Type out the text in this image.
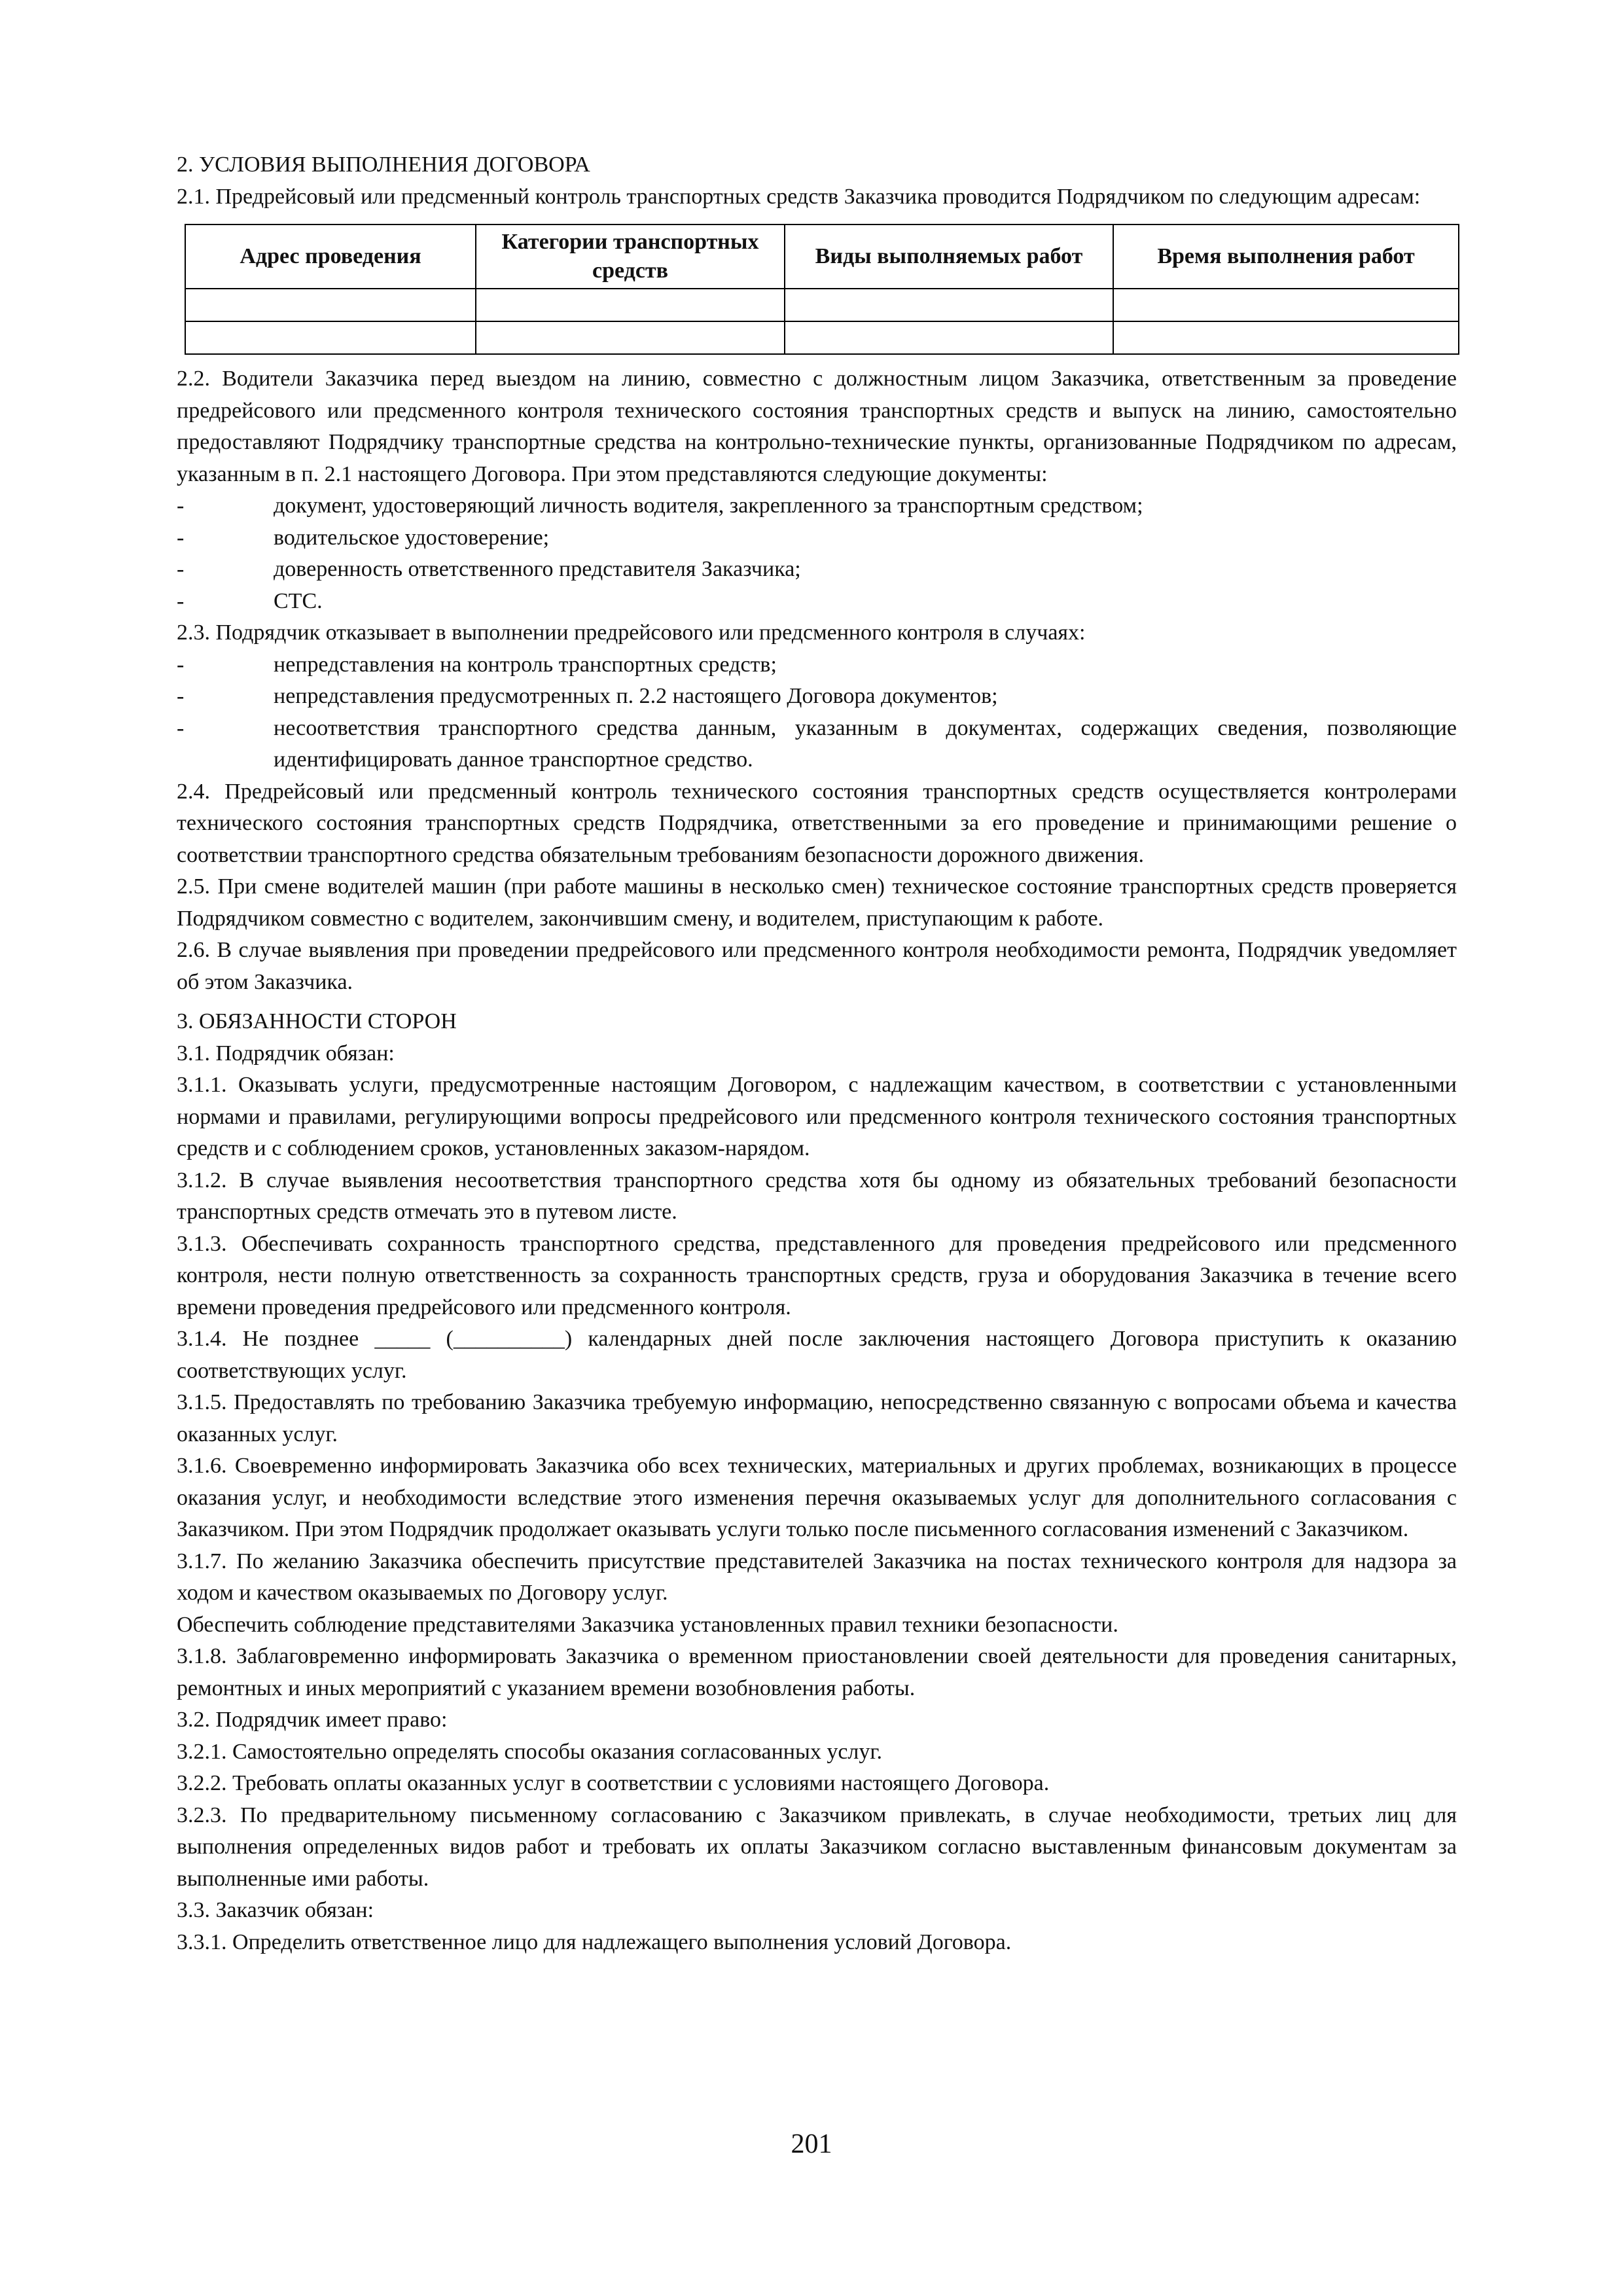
2. УСЛОВИЯ ВЫПОЛНЕНИЯ ДОГОВОРА

2.1. Предрейсовый или предсменный контроль транспортных средств Заказчика проводится Подрядчиком по следующим адресам:

Адрес проведения	Категории транспортных средств	Виды выполняемых работ	Время выполнения работ

2.2. Водители Заказчика перед выездом на линию, совместно с должностным лицом Заказчика, ответственным за проведение предрейсового или предсменного контроля технического состояния транспортных средств и выпуск на линию, самостоятельно предоставляют Подрядчику транспортные средства на контрольно-технические пункты, организованные Подрядчиком по адресам, указанным в п. 2.1 настоящего Договора. При этом представляются следующие документы:

-	документ, удостоверяющий личность водителя, закрепленного за транспортным средством;
-	водительское удостоверение;
-	доверенность ответственного представителя Заказчика;
-	СТС.

2.3. Подрядчик отказывает в выполнении предрейсового или предсменного контроля в случаях:

-	непредставления на контроль транспортных средств;
-	непредставления предусмотренных п. 2.2 настоящего Договора документов;
-	несоответствия транспортного средства данным, указанным в документах, содержащих сведения, позволяющие идентифицировать данное транспортное средство.

2.4. Предрейсовый или предсменный контроль технического состояния транспортных средств осуществляется контролерами технического состояния транспортных средств Подрядчика, ответственными за его проведение и принимающими решение о соответствии транспортного средства обязательным требованиям безопасности дорожного движения.

2.5. При смене водителей машин (при работе машины в несколько смен) техническое состояние транспортных средств проверяется Подрядчиком совместно с водителем, закончившим смену, и водителем, приступающим к работе.

2.6. В случае выявления при проведении предрейсового или предсменного контроля необходимости ремонта, Подрядчик уведомляет об этом Заказчика.

3. ОБЯЗАННОСТИ СТОРОН

3.1. Подрядчик обязан:

3.1.1. Оказывать услуги, предусмотренные настоящим Договором, с надлежащим качеством, в соответствии с установленными нормами и правилами, регулирующими вопросы предрейсового или предсменного контроля технического состояния транспортных средств и с соблюдением сроков, установленных заказом-нарядом.

3.1.2. В случае выявления несоответствия транспортного средства хотя бы одному из обязательных требований безопасности транспортных средств отмечать это в путевом листе.

3.1.3. Обеспечивать сохранность транспортного средства, представленного для проведения предрейсового или предсменного контроля, нести полную ответственность за сохранность транспортных средств, груза и оборудования Заказчика в течение всего времени проведения предрейсового или предсменного контроля.

3.1.4. Не позднее _____ (__________) календарных дней после заключения настоящего Договора приступить к оказанию соответствующих услуг.

3.1.5. Предоставлять по требованию Заказчика требуемую информацию, непосредственно связанную с вопросами объема и качества оказанных услуг.

3.1.6. Своевременно информировать Заказчика обо всех технических, материальных и других проблемах, возникающих в процессе оказания услуг, и необходимости вследствие этого изменения перечня оказываемых услуг для дополнительного согласования с Заказчиком. При этом Подрядчик продолжает оказывать услуги только после письменного согласования изменений с Заказчиком.

3.1.7. По желанию Заказчика обеспечить присутствие представителей Заказчика на постах технического контроля для надзора за ходом и качеством оказываемых по Договору услуг.

Обеспечить соблюдение представителями Заказчика установленных правил техники безопасности.

3.1.8. Заблаговременно информировать Заказчика о временном приостановлении своей деятельности для проведения санитарных, ремонтных и иных мероприятий с указанием времени возобновления работы.

3.2. Подрядчик имеет право:

3.2.1. Самостоятельно определять способы оказания согласованных услуг.

3.2.2. Требовать оплаты оказанных услуг в соответствии с условиями настоящего Договора.

3.2.3. По предварительному письменному согласованию с Заказчиком привлекать, в случае необходимости, третьих лиц для выполнения определенных видов работ и требовать их оплаты Заказчиком согласно выставленным финансовым документам за выполненные ими работы.

3.3. Заказчик обязан:

3.3.1. Определить ответственное лицо для надлежащего выполнения условий Договора.

201
